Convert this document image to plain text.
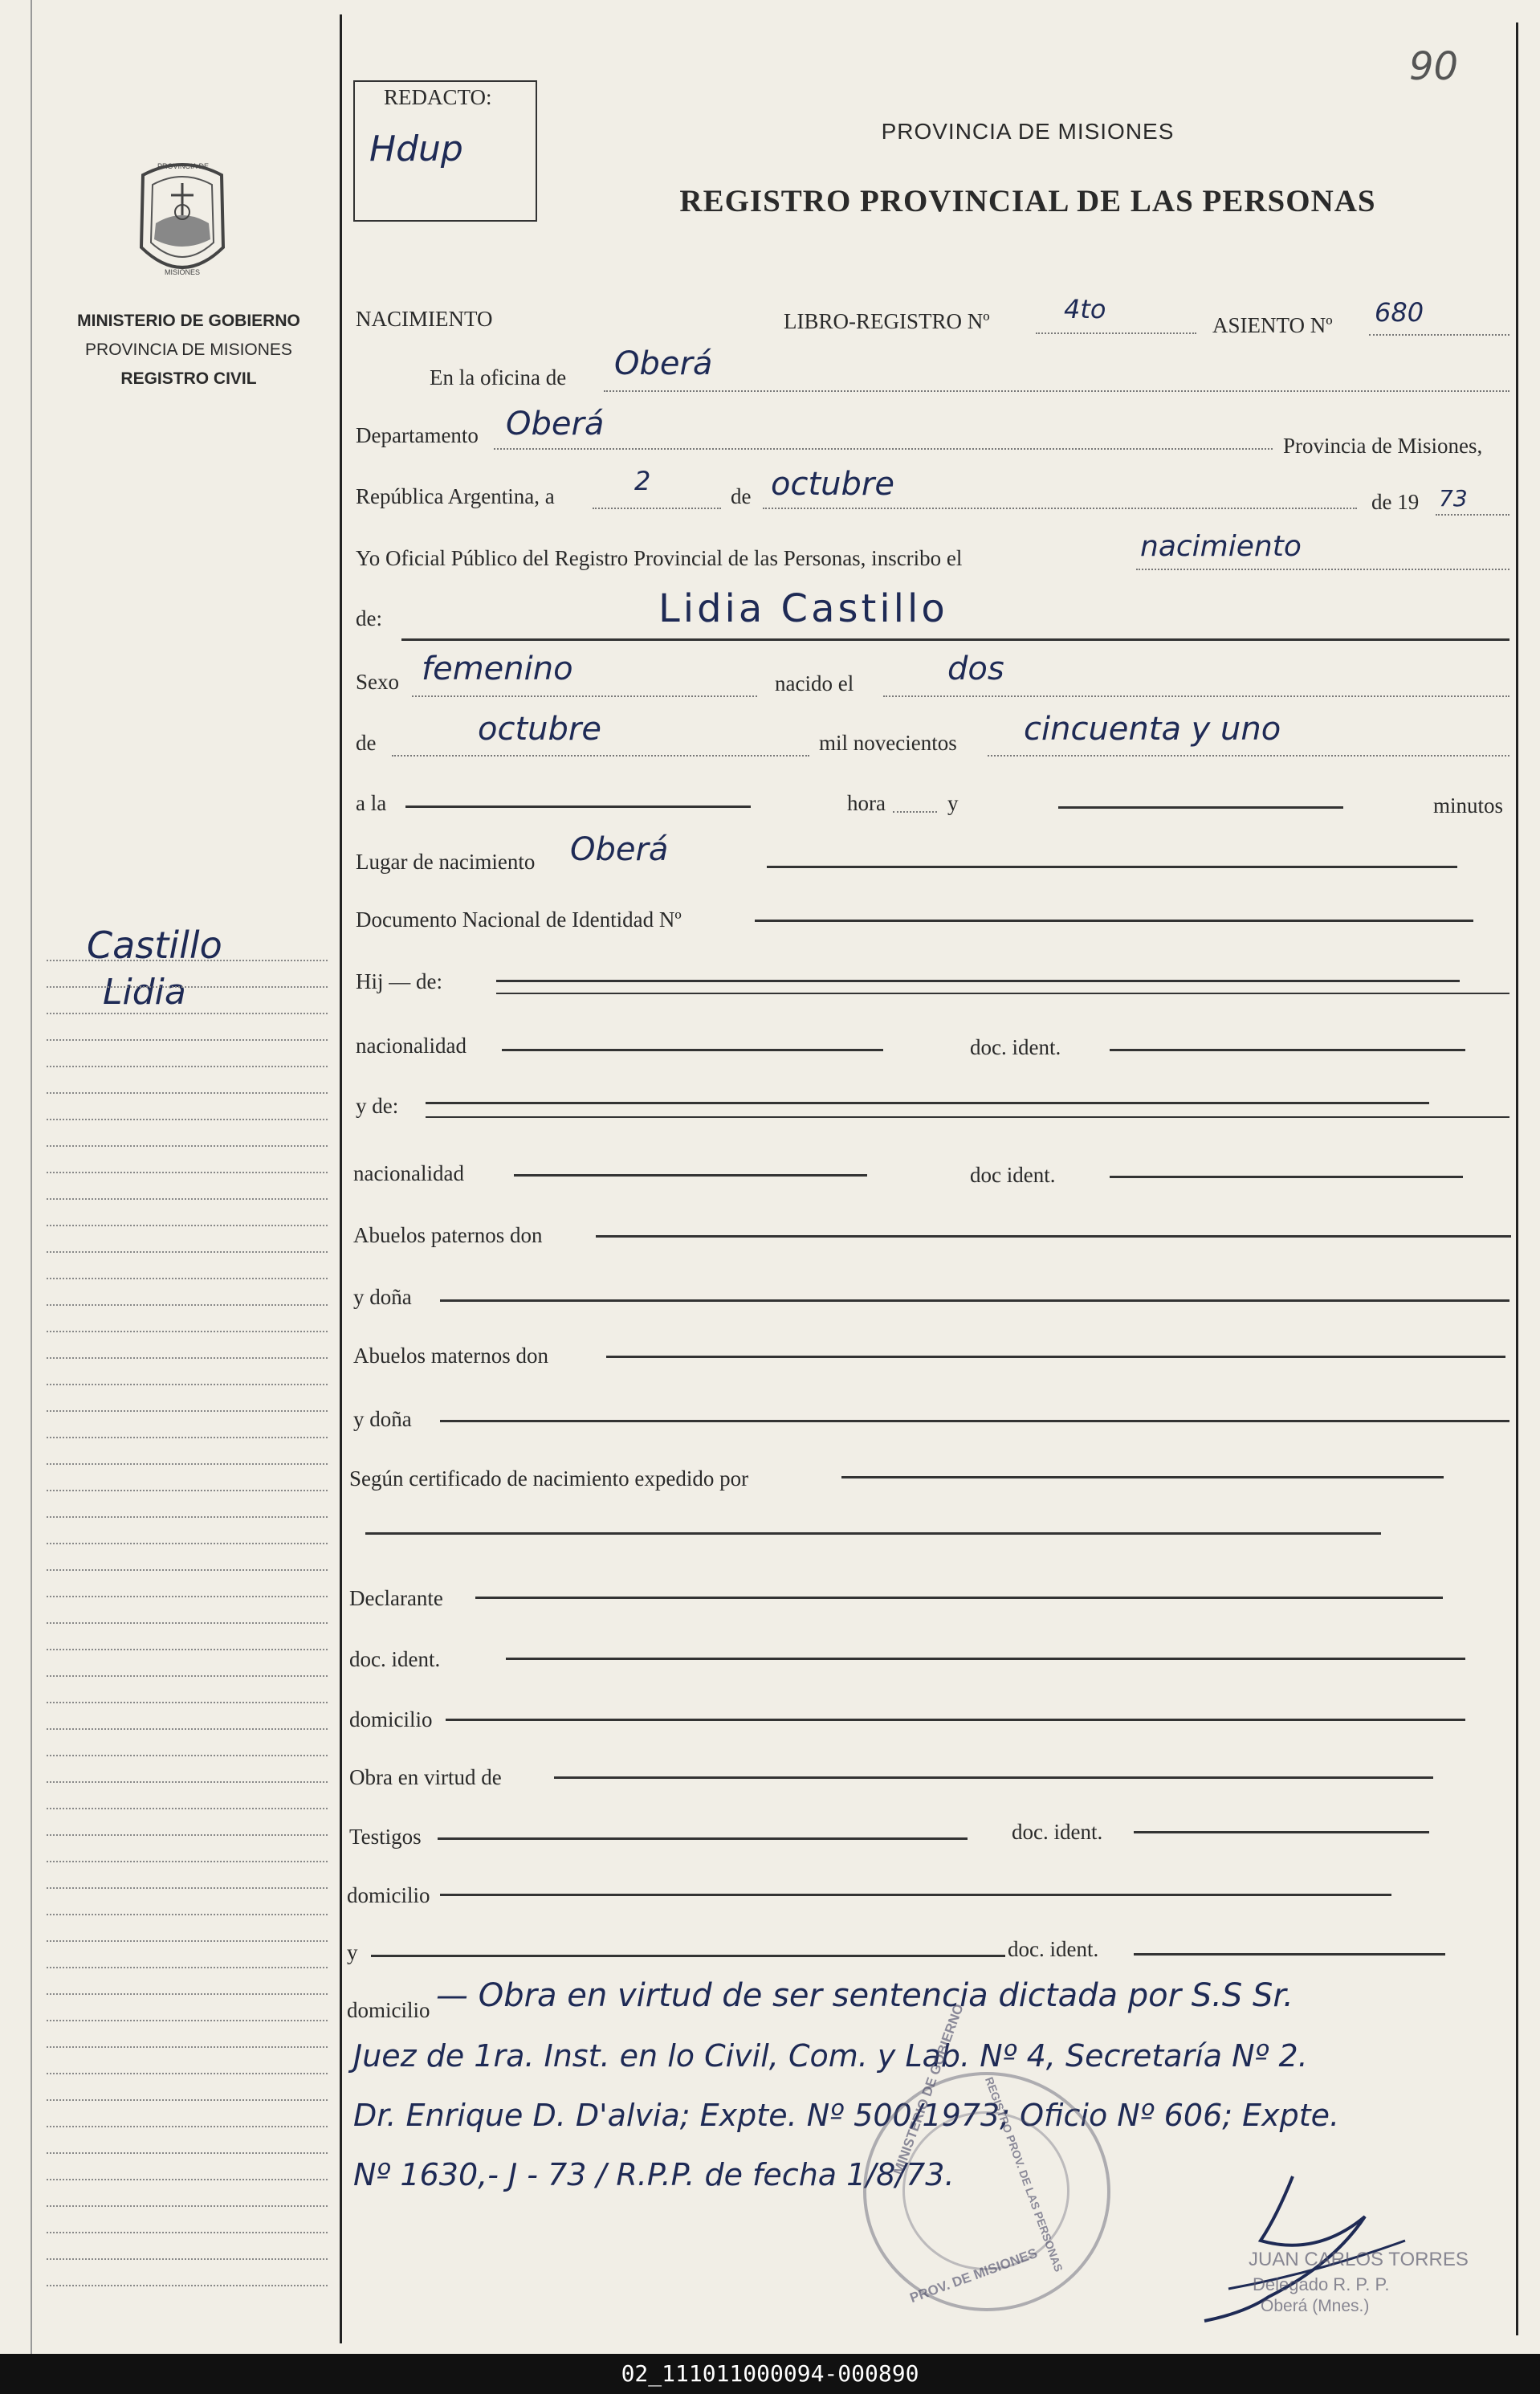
90
PROVINCIA DE
MISIONES
MINISTERIO DE GOBIERNO
PROVINCIA DE MISIONES
REGISTRO CIVIL
Castillo
Lidia
REDACTO:
Hdup	PROVINCIA DE MISIONES
REGISTRO PROVINCIAL DE LAS PERSONAS
NACIMIENTO	LIBRO-REGISTRO Nº	4to
ASIENTO Nº 680
En la oficina de Oberá
Departamento Oberá
Provincia de Misiones,
República Argentina, a	2	de octubre	de 19 73
Yo Oficial Público del Registro Provincial de las Personas, inscribo el	nacimiento
de:	Lidia Castillo
Sexo femenino	nacido el	dos
de	octubre	mil novecientos cincuenta y uno
a la	hora	y	minutos
Lugar de nacimiento Oberá
Documento Nacional de Identidad Nº
Hij — de:
nacionalidad	doc. ident.
y de:
nacionalidad	doc ident.
Abuelos paternos don
y doña
Abuelos maternos don
y doña
Según certificado de nacimiento expedido por
Declarante
doc. ident.
domicilio
Obra en virtud de
Testigos	doc. ident.
domicilio
y	doc. ident.
domicilio — Obra en virtud de ser sentencia dictada por S.S Sr.
Juez de 1ra. Inst. en lo Civil, Com. y Lab. Nº 4, Secretaría Nº 2.
Dr. Enrique D. D'alvia; Expte. Nº 500/1973; Oficio Nº 606; Expte.
Nº 1630,- J - 73 / R.P.P. de fecha 1/8/73.
MINISTERIO DE GOBIERNO REGISTRO PROV. DE LAS PERSONAS
PROV. DE MISIONES	JUAN CARLOS TORRES
Delegado R. P. P.
Oberá (Mnes.)
02_111011000094-000890
